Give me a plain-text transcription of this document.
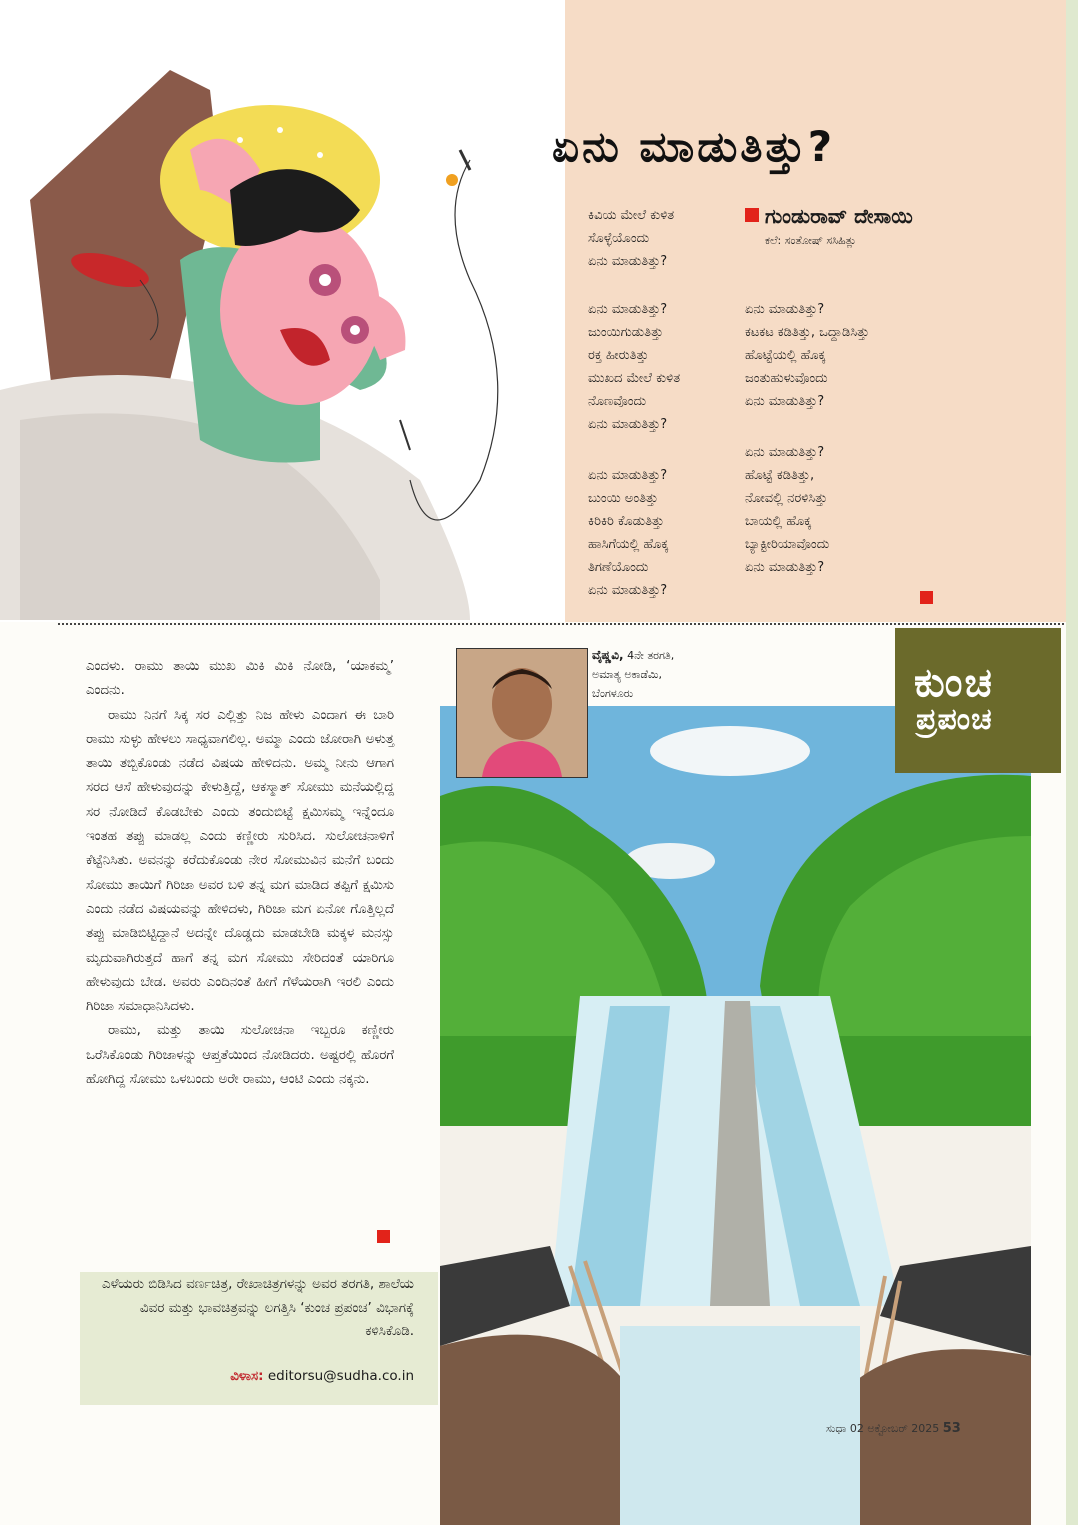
ಏನು ಮಾಡುತಿತ್ತು?
ಗುಂಡುರಾವ್ ದೇಸಾಯಿ
ಕಲೆ: ಸಂತೋಷ್ ಸಸಿಹಿತ್ಲು
ಕಿವಿಯ ಮೇಲೆ ಕುಳಿತ
ಸೊಳ್ಳೆಯೊಂದು
ಏನು ಮಾಡುತಿತ್ತು?
ಏನು ಮಾಡುತಿತ್ತು?
ಜುಂಯಿಗುಡುತಿತ್ತು
ರಕ್ತ ಹೀರುತಿತ್ತು
ಮುಖದ ಮೇಲೆ ಕುಳಿತ
ನೊಣವೊಂದು
ಏನು ಮಾಡುತಿತ್ತು?
ಏನು ಮಾಡುತಿತ್ತು?
ಬುಂಯಿ ಅಂತಿತ್ತು
ಕಿರಿಕಿರಿ ಕೊಡುತಿತ್ತು
ಹಾಸಿಗೆಯಲ್ಲಿ ಹೊಕ್ಕ
ತಿಗಣೆಯೊಂದು
ಏನು ಮಾಡುತಿತ್ತು?
ಏನು ಮಾಡುತಿತ್ತು?
ಕಟಕಟ ಕಡಿತಿತ್ತು, ಒದ್ದಾಡಿಸಿತ್ತು
ಹೊಟ್ಟೆಯಲ್ಲಿ ಹೊಕ್ಕ
ಜಂತುಹುಳುವೊಂದು
ಏನು ಮಾಡುತಿತ್ತು?
ಏನು ಮಾಡುತಿತ್ತು?
ಹೊಟ್ಟೆ ಕಡಿತಿತ್ತು,
ನೋವಲ್ಲಿ ನರಳಿಸಿತ್ತು
ಬಾಯಲ್ಲಿ ಹೊಕ್ಕ
ಬ್ಯಾಕ್ಟೀರಿಯಾವೊಂದು
ಏನು ಮಾಡುತಿತ್ತು?

ಎಂದಳು. ರಾಮು ತಾಯಿ ಮುಖ ಮಿಕಿ ಮಿಕಿ ನೋಡಿ, ‘ಯಾಕಮ್ಮ’ ಎಂದನು.

ರಾಮು ನಿನಗೆ ಸಿಕ್ಕ ಸರ ಎಲ್ಲಿತ್ತು ನಿಜ ಹೇಳು ಎಂದಾಗ ಈ ಬಾರಿ ರಾಮು ಸುಳ್ಳು ಹೇಳಲು ಸಾಧ್ಯವಾಗಲಿಲ್ಲ. ಅಮ್ಮಾ ಎಂದು ಜೋರಾಗಿ ಅಳುತ್ತ ತಾಯಿ ತಬ್ಬಿಕೊಂಡು ನಡೆದ ವಿಷಯ ಹೇಳಿದನು. ಅಮ್ಮ ನೀನು ಆಗಾಗ ಸರದ ಆಸೆ ಹೇಳುವುದನ್ನು ಕೇಳುತ್ತಿದ್ದೆ, ಆಕಸ್ಮಾತ್ ಸೋಮು ಮನೆಯಲ್ಲಿದ್ದ ಸರ ನೋಡಿದೆ ಕೊಡಬೇಕು ಎಂದು ತಂದುಬಿಟ್ಟೆ ಕ್ಷಮಿಸಮ್ಮ ಇನ್ನೆಂದೂ ಇಂತಹ ತಪ್ಪು ಮಾಡಲ್ಲ ಎಂದು ಕಣ್ಣೀರು ಸುರಿಸಿದ. ಸುಲೋಚನಾಳಿಗೆ ಕೆಟ್ಟೆನಿಸಿತು. ಅವನನ್ನು ಕರೆದುಕೊಂಡು ನೇರ ಸೋಮುವಿನ ಮನೆಗೆ ಬಂದು ಸೋಮು ತಾಯಿಗೆ ಗಿರಿಜಾ ಅವರ ಬಳಿ ತನ್ನ ಮಗ ಮಾಡಿದ ತಪ್ಪಿಗೆ ಕ್ಷಮಿಸು ಎಂದು ನಡೆದ ವಿಷಯವನ್ನು ಹೇಳಿದಳು, ಗಿರಿಜಾ ಮಗ ಏನೋ ಗೊತ್ತಿಲ್ಲದೆ ತಪ್ಪು ಮಾಡಿಬಿಟ್ಟಿದ್ದಾನೆ ಅದನ್ನೇ ದೊಡ್ಡದು ಮಾಡಬೇಡಿ ಮಕ್ಕಳ ಮನಸ್ಸು ಮೃದುವಾಗಿರುತ್ತದೆ ಹಾಗೆ ತನ್ನ ಮಗ ಸೋಮು ಸೇರಿದಂತೆ ಯಾರಿಗೂ ಹೇಳುವುದು ಬೇಡ. ಅವರು ಎಂದಿನಂತೆ ಹೀಗೆ ಗೆಳೆಯರಾಗಿ ಇರಲಿ ಎಂದು ಗಿರಿಜಾ ಸಮಾಧಾನಿಸಿದಳು.

ರಾಮು, ಮತ್ತು ತಾಯಿ ಸುಲೋಚನಾ ಇಬ್ಬರೂ ಕಣ್ಣೀರು ಒರೆಸಿಕೊಂಡು ಗಿರಿಜಾಳನ್ನು ಆಪ್ತತೆಯಿಂದ ನೋಡಿದರು. ಅಷ್ಟರಲ್ಲಿ ಹೊರಗೆ ಹೋಗಿದ್ದ ಸೋಮು ಒಳಬಂದು ಅರೇ ರಾಮು, ಆಂಟಿ ಎಂದು ನಕ್ಕನು.

ಎಳೆಯರು ಬಿಡಿಸಿದ ವರ್ಣಚಿತ್ರ, ರೇಖಾಚಿತ್ರಗಳನ್ನು ಅವರ ತರಗತಿ, ಶಾಲೆಯ ವಿವರ ಮತ್ತು ಭಾವಚಿತ್ರವನ್ನು ಲಗತ್ತಿಸಿ ‘ಕುಂಚ ಪ್ರಪಂಚ’ ವಿಭಾಗಕ್ಕೆ ಕಳಿಸಿಕೊಡಿ.
ವಿಳಾಸ: editorsu@sudha.co.in
ವೈಷ್ಣವಿ, 4ನೇ ತರಗತಿ,
ಅಮಾತ್ಯ ಅಕಾಡೆಮಿ,
ಬೆಂಗಳೂರು	ಕುಂಚ
ಪ್ರಪಂಚ
ಸುಧಾ 02 ಅಕ್ಟೋಬರ್ 2025 53
